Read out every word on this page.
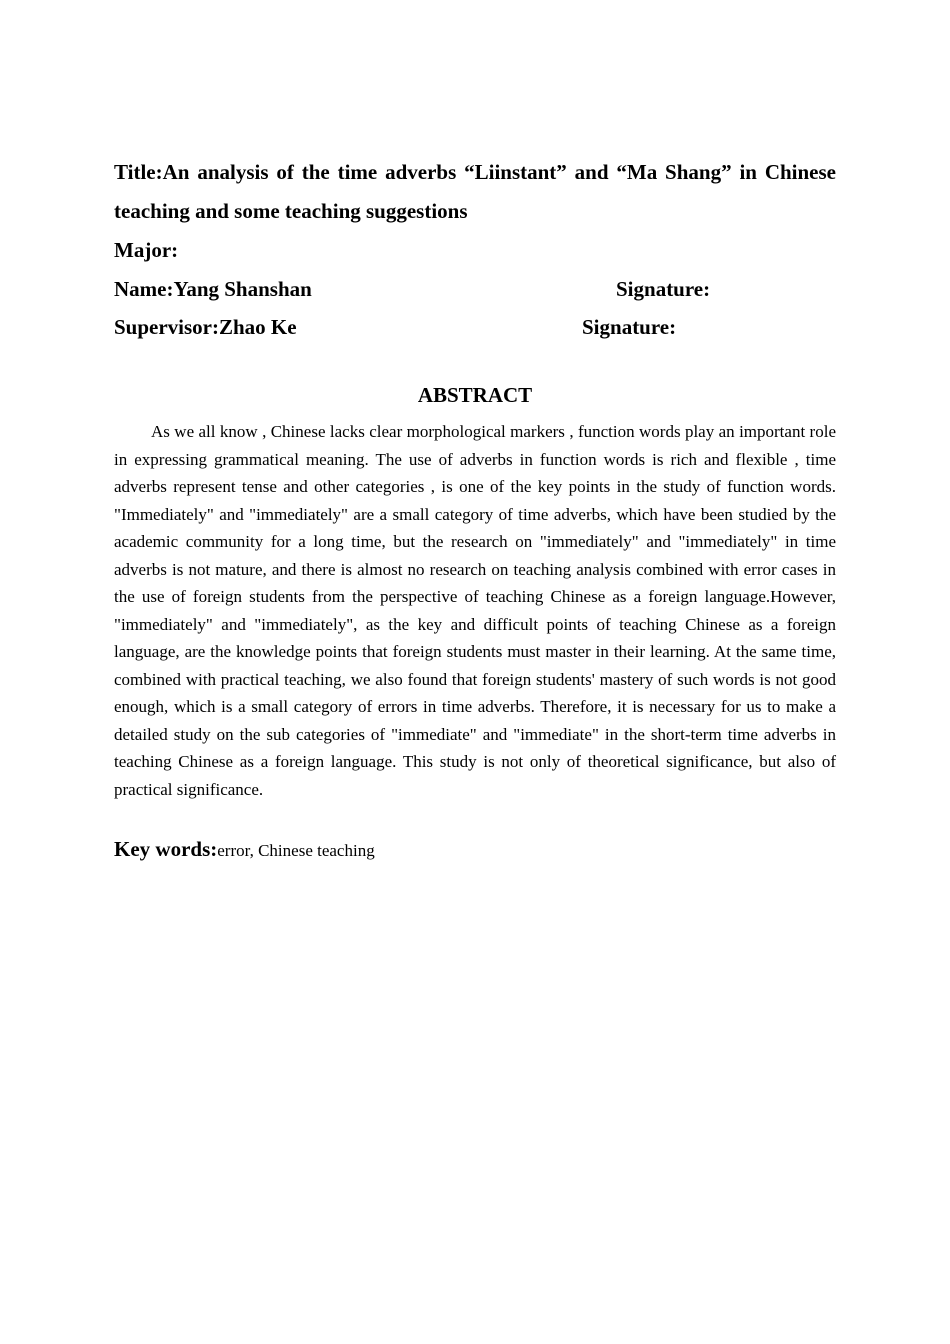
Title:An analysis of the time adverbs “Liinstant” and “Ma Shang” in Chinese teaching and some teaching suggestions

Major:

Name:Yang Shanshan	Signature:
Supervisor:Zhao Ke	Signature:
ABSTRACT

As we all know , Chinese lacks clear morphological markers , function words play an important role in expressing grammatical meaning. The use of adverbs in function words is rich and flexible , time adverbs represent tense and other categories , is one of the key points in the study of function words. "Immediately" and "immediately" are a small category of time adverbs, which have been studied by the academic community for a long time, but the research on "immediately" and "immediately" in time adverbs is not mature, and there is almost no research on teaching analysis combined with error cases in the use of foreign students from the perspective of teaching Chinese as a foreign language.However, "immediately" and "immediately", as the key and difficult points of teaching Chinese as a foreign language, are the knowledge points that foreign students must master in their learning. At the same time, combined with practical teaching, we also found that foreign students' mastery of such words is not good enough, which is a small category of errors in time adverbs. Therefore, it is necessary for us to make a detailed study on the sub categories of "immediate" and "immediate" in the short-term time adverbs in teaching Chinese as a foreign language. This study is not only of theoretical significance, but also of practical significance.

Key words:error, Chinese teaching
